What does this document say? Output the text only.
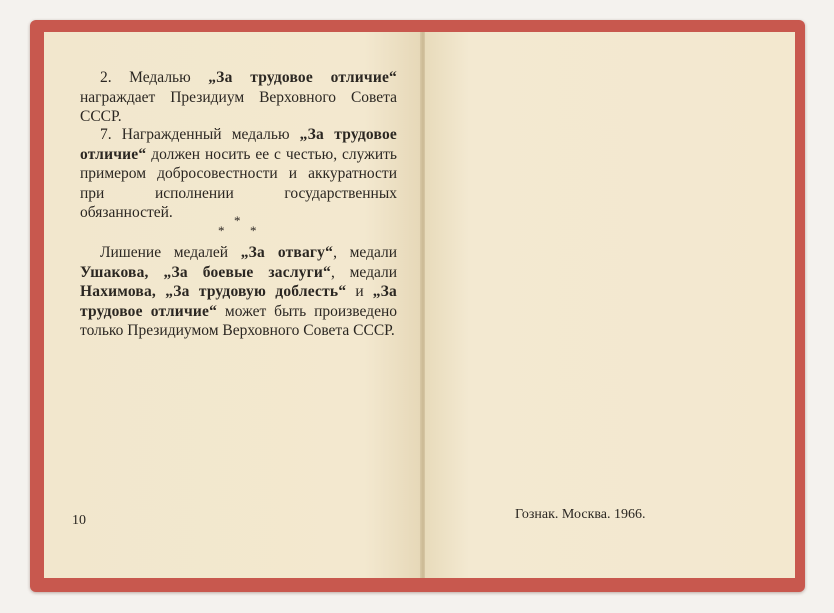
2. Медалью „За трудовое отличие“ награждает Президиум Верховного Совета СССР.

7. Награжденный медалью „За трудовое отличие“ должен носить ее с честью, служить примером добросовестности и аккуратности при исполнении государственных обязанностей.	*
* *

Лишение медалей „За отвагу“, медали Ушакова, „За боевые заслуги“, медали Нахимова, „За трудовую доблесть“ и „За трудовое отличие“ может быть произведено только Президиумом Верховного Совета СССР.

10	Гознак. Москва. 1966.
